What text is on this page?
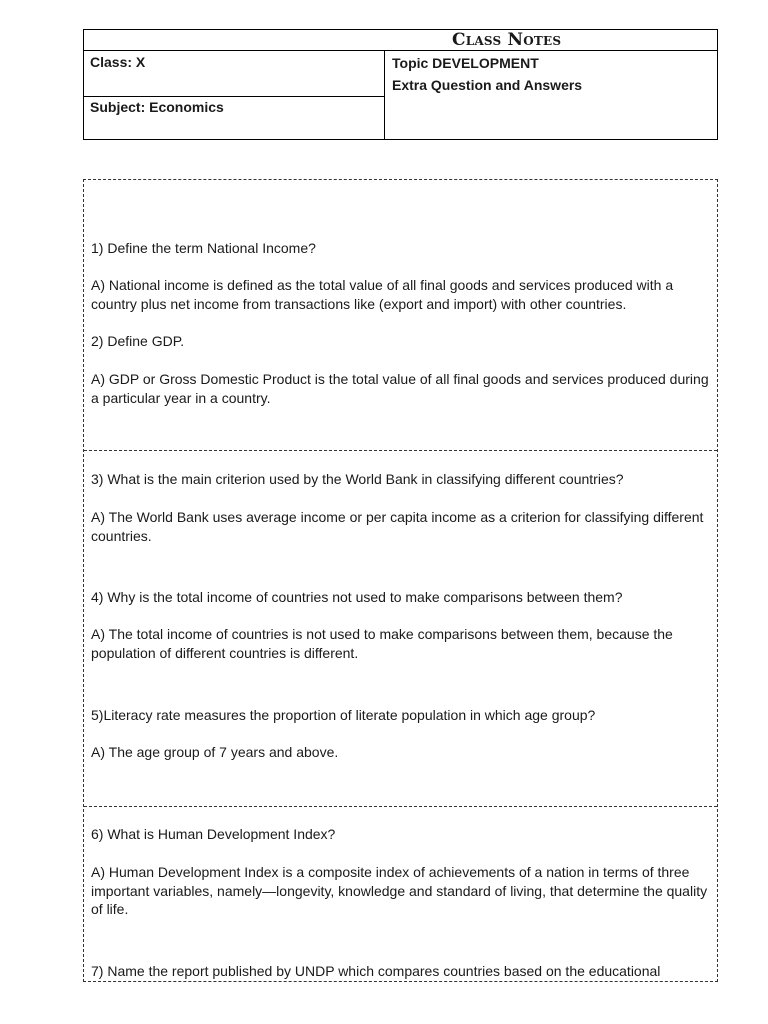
Class Notes
Class: X
Subject: Economics
Topic DEVELOPMENT
Extra Question and Answers
1) Define the term National Income?
A) National income is defined as the total value of all final goods and services produced with a country plus net income from transactions like (export and import) with other countries.
2) Define GDP.
A) GDP or Gross Domestic Product is the total value of all final goods and services produced during a particular year in a country.
3) What is the main criterion used by the World Bank in classifying different countries?
A) The World Bank uses average income or per capita income as a criterion for classifying different countries.
4) Why is the total income of countries not used to make comparisons between them?
A) The total income of countries is not used to make comparisons between them, because the population of different countries is different.
5)Literacy rate measures the proportion of literate population in which age group?
A) The age group of 7 years and above.
6) What is Human Development Index?
A) Human Development Index is a composite index of achievements of a nation in terms of three important variables, namely—longevity, knowledge and standard of living, that determine the quality of life.
7) Name the report published by UNDP which compares countries based on the educational
